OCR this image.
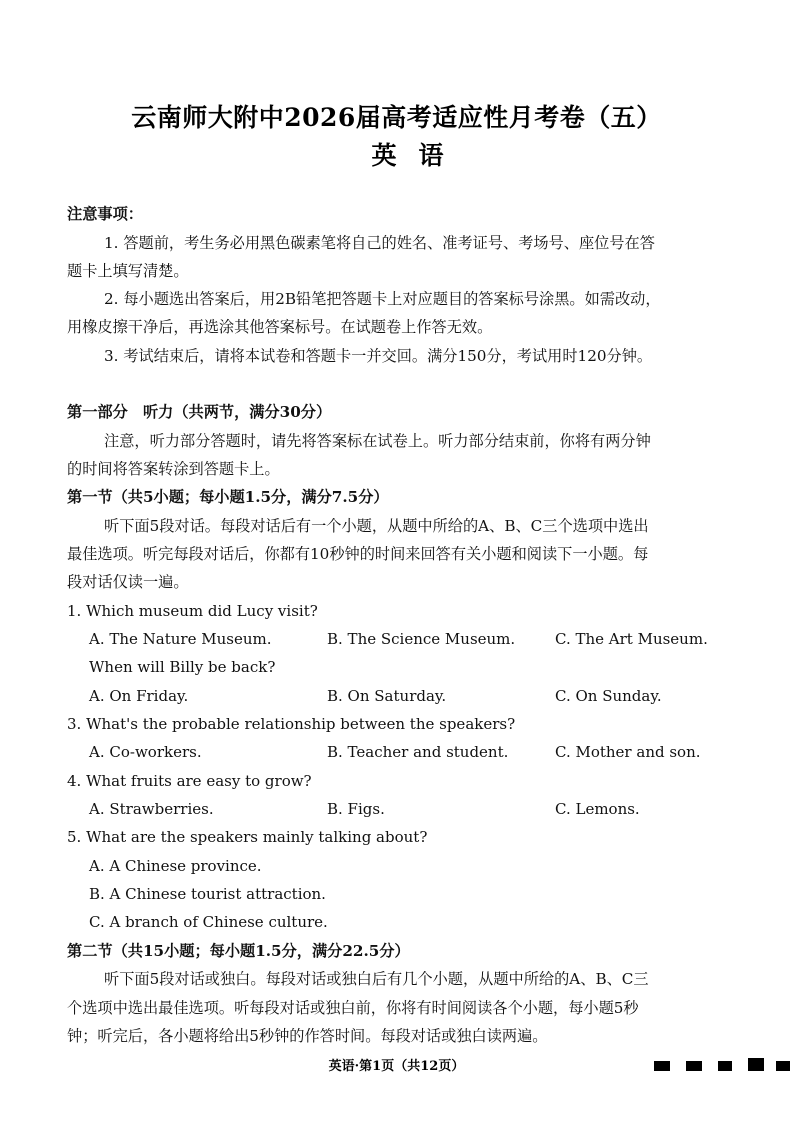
云南师大附中2026届高考适应性月考卷（五）
英语
注意事项：
1. 答题前，考生务必用黑色碳素笔将自己的姓名、准考证号、考场号、座位号在答
题卡上填写清楚。
2. 每小题选出答案后，用2B铅笔把答题卡上对应题目的答案标号涂黑。如需改动，
用橡皮擦干净后，再选涂其他答案标号。在试题卷上作答无效。
3. 考试结束后，请将本试卷和答题卡一并交回。满分150分，考试用时120分钟。
第一部分　听力（共两节，满分30分）
注意，听力部分答题时，请先将答案标在试卷上。听力部分结束前，你将有两分钟
的时间将答案转涂到答题卡上。
第一节（共5小题；每小题1.5分，满分7.5分）
听下面5段对话。每段对话后有一个小题，从题中所给的A、B、C三个选项中选出
最佳选项。听完每段对话后，你都有10秒钟的时间来回答有关小题和阅读下一小题。每
段对话仅读一遍。
1. Which museum did Lucy visit?
A. The Nature Museum.	B. The Science Museum.	C. The Art Museum.
When will Billy be back?
A. On Friday.	B. On Saturday.	C. On Sunday.
3. What's the probable relationship between the speakers?
A. Co-workers.	B. Teacher and student.	C. Mother and son.
4. What fruits are easy to grow?
A. Strawberries.	B. Figs.	C. Lemons.
5. What are the speakers mainly talking about?
A. A Chinese province.
B. A Chinese tourist attraction.
C. A branch of Chinese culture.
第二节（共15小题；每小题1.5分，满分22.5分）
听下面5段对话或独白。每段对话或独白后有几个小题，从题中所给的A、B、C三
个选项中选出最佳选项。听每段对话或独白前，你将有时间阅读各个小题，每小题5秒
钟；听完后，各小题将给出5秒钟的作答时间。每段对话或独白读两遍。
英语·第1页（共12页）
